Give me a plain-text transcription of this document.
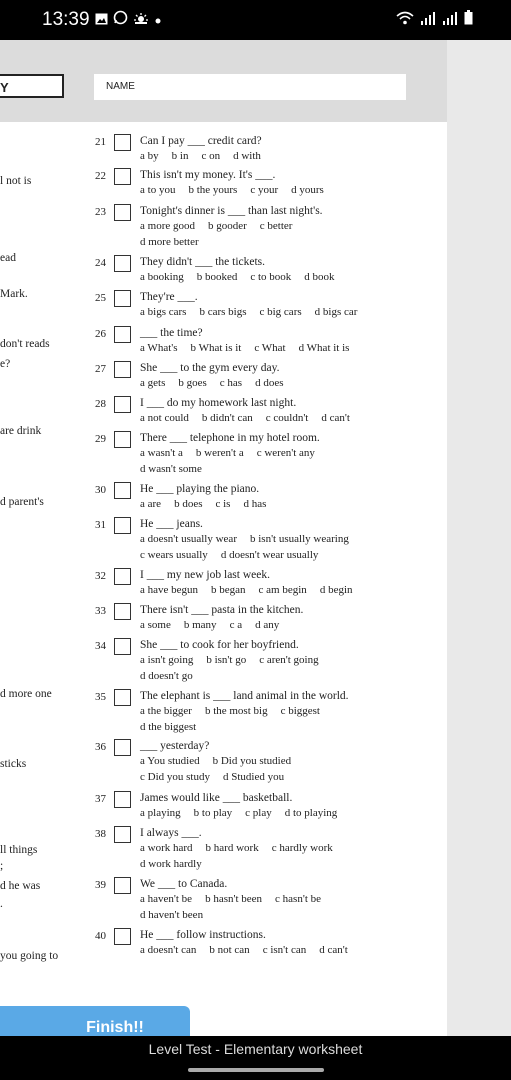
13:39
Y	NAME
l not is
ead
Mark.
don't reads
e?
are drink
d parent's
d more one
sticks
ll things
;
d he was
.
you going to
21	Can I pay ___ credit card?
a by b in c on d with
22	This isn't my money. It's ___.
a to you b the yours c your d yours
23	Tonight's dinner is ___ than last night's.
a more good b gooder c better
d more better
24	They didn't ___ the tickets.
a booking b booked c to book d book
25	They're ___.
a bigs cars b cars bigs c big cars d bigs car
26	___ the time?
a What's b What is it c What d What it is
27	She ___ to the gym every day.
a gets b goes c has d does
28	I ___ do my homework last night.
a not could b didn't can c couldn't d can't
29	There ___ telephone in my hotel room.
a wasn't a b weren't a c weren't any
d wasn't some
30	He ___ playing the piano.
a are b does c is d has
31	He ___ jeans.
a doesn't usually wear b isn't usually wearing
c wears usually d doesn't wear usually
32	I ___ my new job last week.
a have begun b began c am begin d begin
33	There isn't ___ pasta in the kitchen.
a some b many c a d any
34	She ___ to cook for her boyfriend.
a isn't going b isn't go c aren't going
d doesn't go
35	The elephant is ___ land animal in the world.
a the bigger b the most big c biggest
d the biggest
36	___ yesterday?
a You studied b Did you studied
c Did you study d Studied you
37	James would like ___ basketball.
a playing b to play c play d to playing
38	I always ___.
a work hard b hard work c hardly work
d work hardly
39	We ___ to Canada.
a haven't be b hasn't been c hasn't be
d haven't been
40	He ___ follow instructions.
a doesn't can b not can c isn't can d can't
Finish!!
Level Test - Elementary worksheet
